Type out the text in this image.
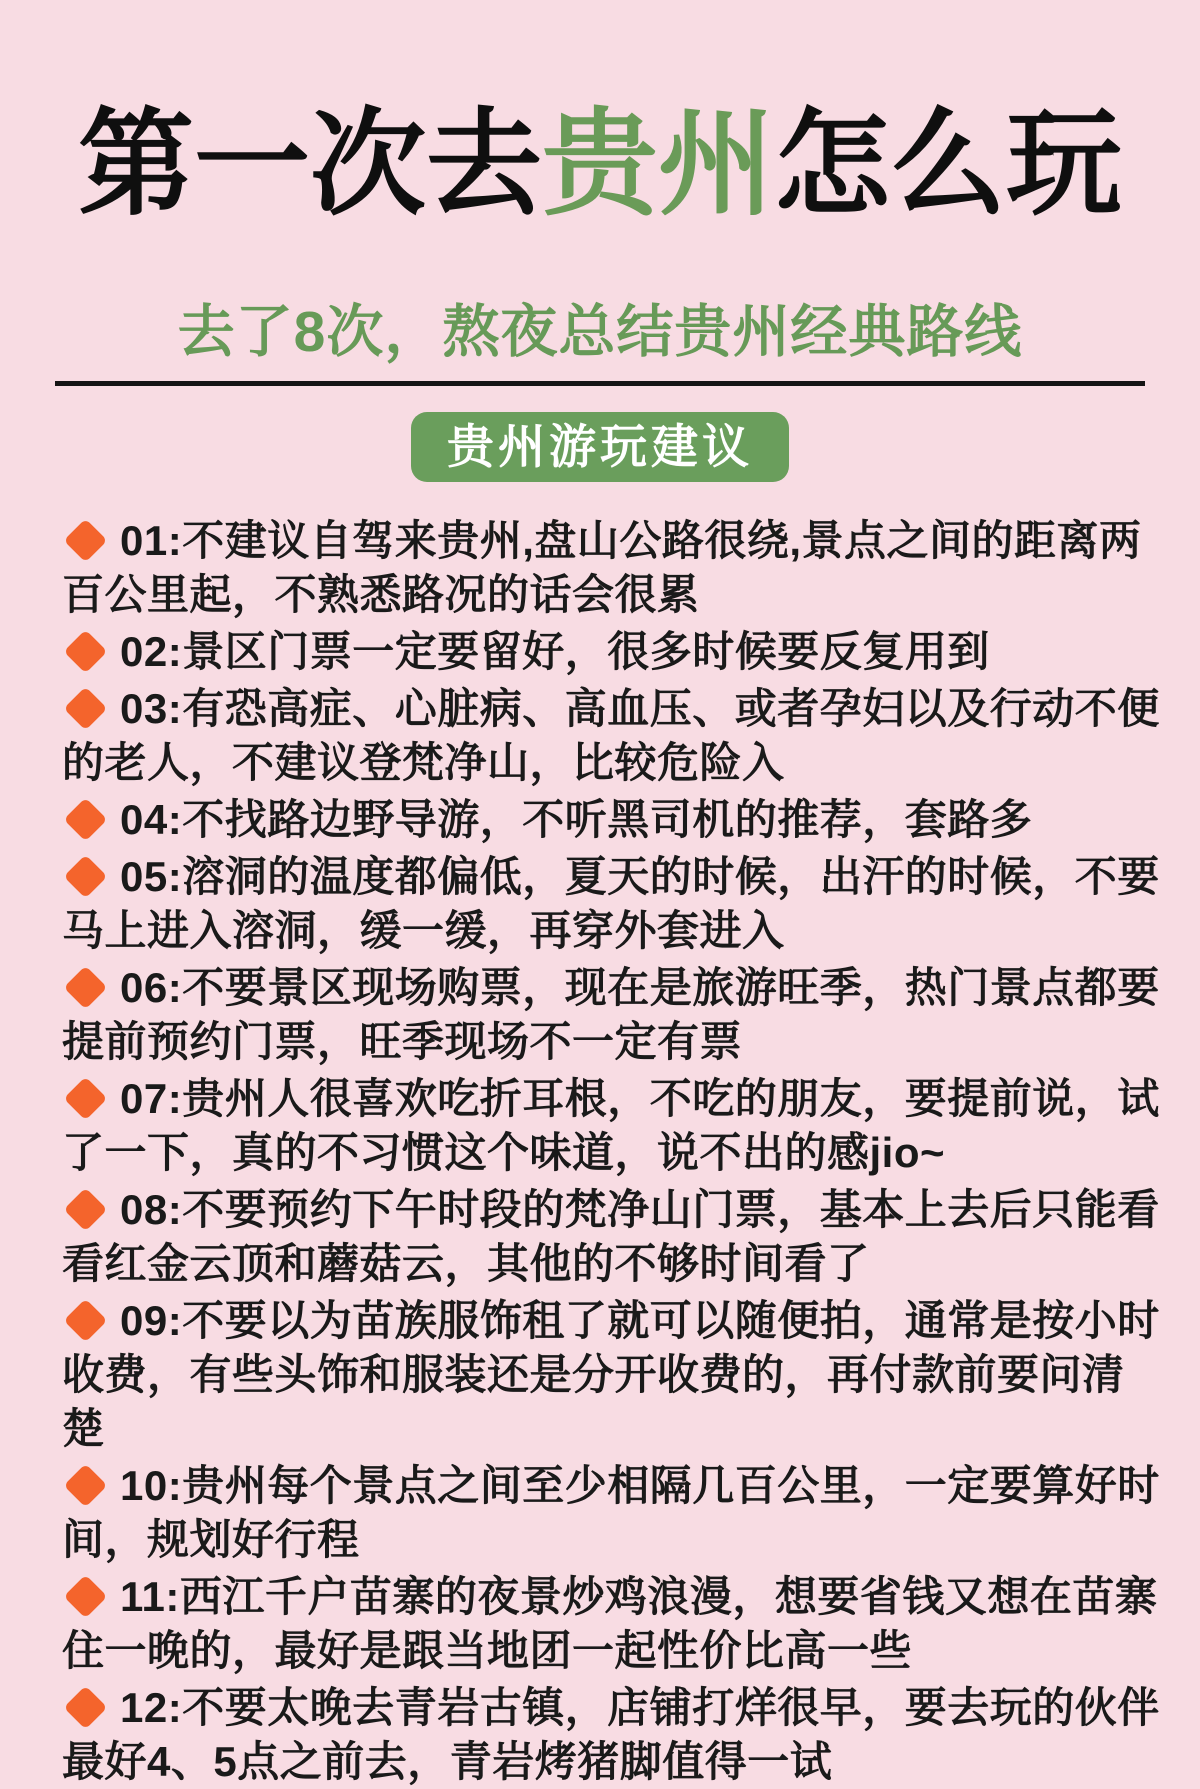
第一次去贵州怎么玩
去了8次，熬夜总结贵州经典路线
贵州游玩建议

01:不建议自驾来贵州,盘山公路很绕,景点之间的距离两百公里起，不熟悉路况的话会很累

02:景区门票一定要留好，很多时候要反复用到

03:有恐高症、心脏病、高血压、或者孕妇以及行动不便的老人，不建议登梵净山，比较危险入

04:不找路边野导游，不听黑司机的推荐，套路多

05:溶洞的温度都偏低，夏天的时候，出汗的时候，不要马上进入溶洞，缓一缓，再穿外套进入

06:不要景区现场购票，现在是旅游旺季，热门景点都要提前预约门票，旺季现场不一定有票

07:贵州人很喜欢吃折耳根，不吃的朋友，要提前说，试了一下，真的不习惯这个味道，说不出的感jio~

08:不要预约下午时段的梵净山门票，基本上去后只能看看红金云顶和蘑菇云，其他的不够时间看了

09:不要以为苗族服饰租了就可以随便拍，通常是按小时收费，有些头饰和服装还是分开收费的，再付款前要问清楚

10:贵州每个景点之间至少相隔几百公里，一定要算好时间，规划好行程

11:西江千户苗寨的夜景炒鸡浪漫，想要省钱又想在苗寨住一晚的，最好是跟当地团一起性价比高一些

12:不要太晚去青岩古镇，店铺打烊很早，要去玩的伙伴最好4、5点之前去，青岩烤猪脚值得一试
